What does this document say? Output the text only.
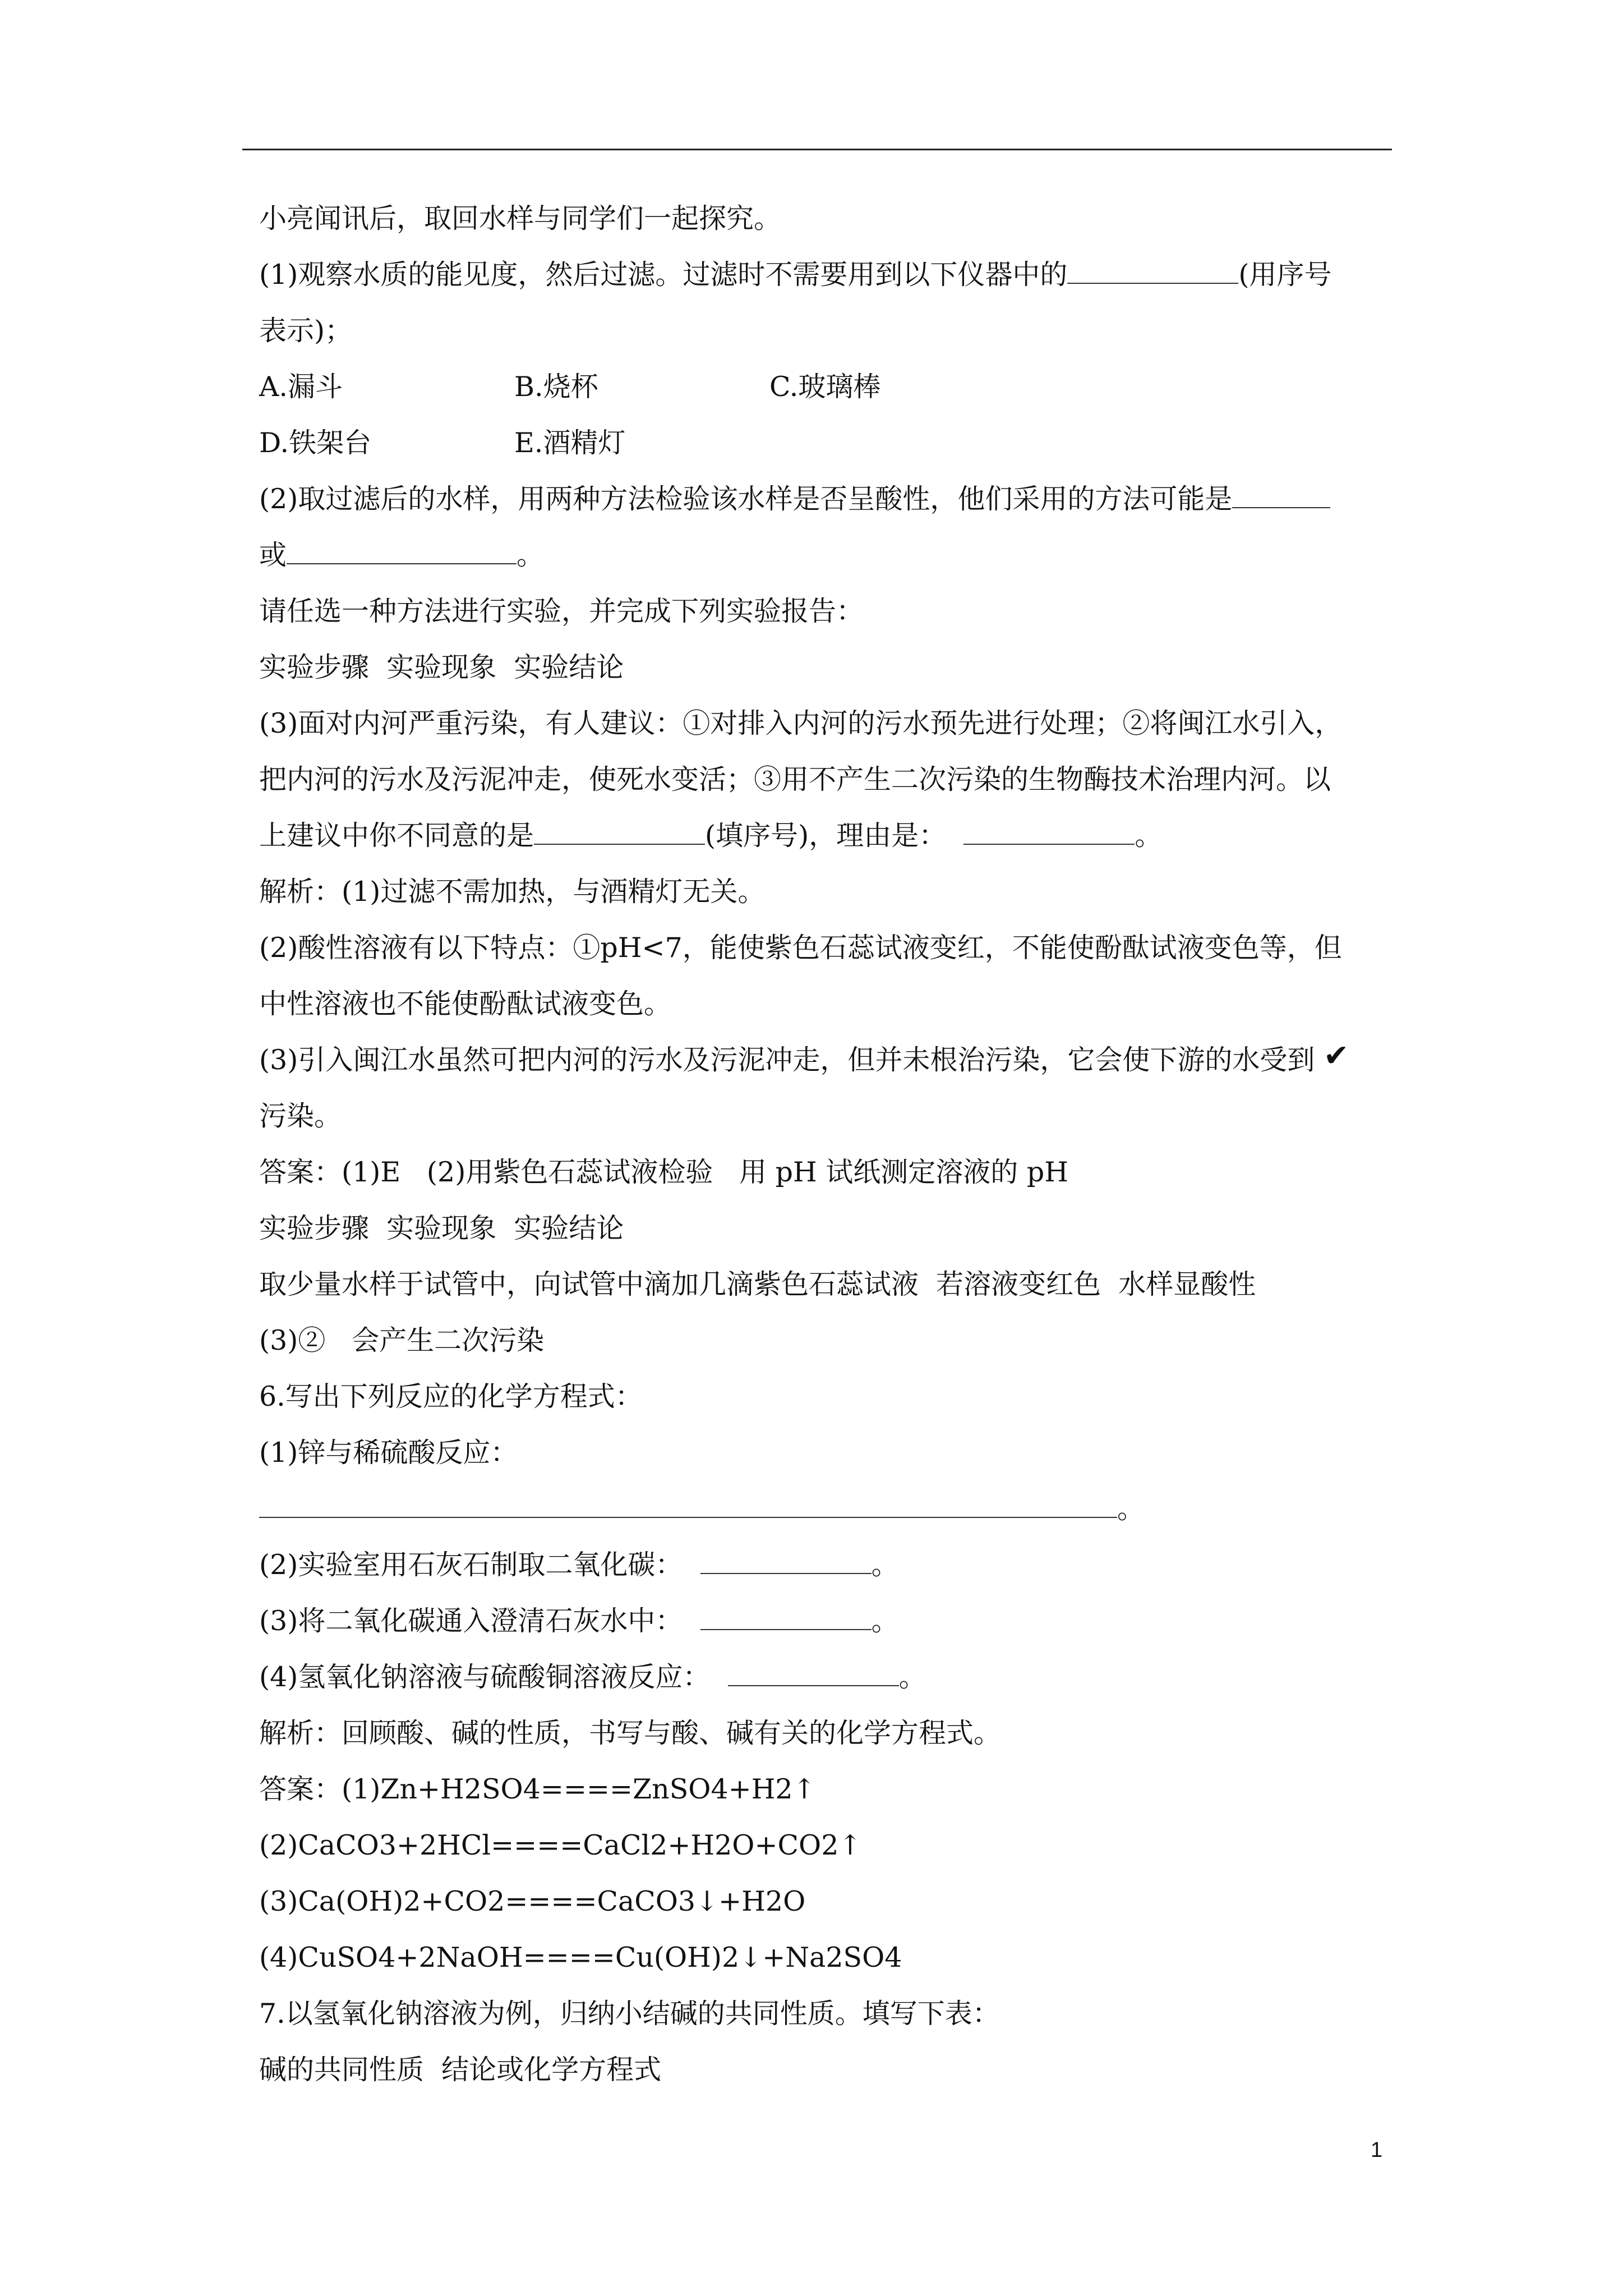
小亮闻讯后，取回水样与同学们一起探究。
(1)观察水质的能见度，然后过滤。过滤时不需要用到以下仪器中的	(用序号
表示)；
A.漏斗	B.烧杯	C.玻璃棒
D.铁架台	E.酒精灯
(2)取过滤后的水样，用两种方法检验该水样是否呈酸性，他们采用的方法可能是
或	。
请任选一种方法进行实验，并完成下列实验报告：
实验步骤  实验现象  实验结论
(3)面对内河严重污染，有人建议：①对排入内河的污水预先进行处理；②将闽江水引入，
把内河的污水及污泥冲走，使死水变活；③用不产生二次污染的生物酶技术治理内河。以
上建议中你不同意的是	(填序号)，理由是：	。
解析：(1)过滤不需加热，与酒精灯无关。
(2)酸性溶液有以下特点：①pH<7，能使紫色石蕊试液变红，不能使酚酞试液变色等，但
中性溶液也不能使酚酞试液变色。
(3)引入闽江水虽然可把内河的污水及污泥冲走，但并未根治污染，它会使下游的水受到
污染。
答案：(1)E   (2)用紫色石蕊试液检验   用 pH 试纸测定溶液的 pH
实验步骤  实验现象  实验结论
取少量水样于试管中，向试管中滴加几滴紫色石蕊试液  若溶液变红色  水样显酸性
(3)②   会产生二次污染
6.写出下列反应的化学方程式：
(1)锌与稀硫酸反应：
。
(2)实验室用石灰石制取二氧化碳：	。
(3)将二氧化碳通入澄清石灰水中：	。
(4)氢氧化钠溶液与硫酸铜溶液反应：	。
解析：回顾酸、碱的性质，书写与酸、碱有关的化学方程式。
答案：(1)Zn+H2SO4====ZnSO4+H2↑
(2)CaCO3+2HCl====CaCl2+H2O+CO2↑
(3)Ca(OH)2+CO2====CaCO3↓+H2O
(4)CuSO4+2NaOH====Cu(OH)2↓+Na2SO4
7.以氢氧化钠溶液为例，归纳小结碱的共同性质。填写下表：
碱的共同性质  结论或化学方程式
✔
1
